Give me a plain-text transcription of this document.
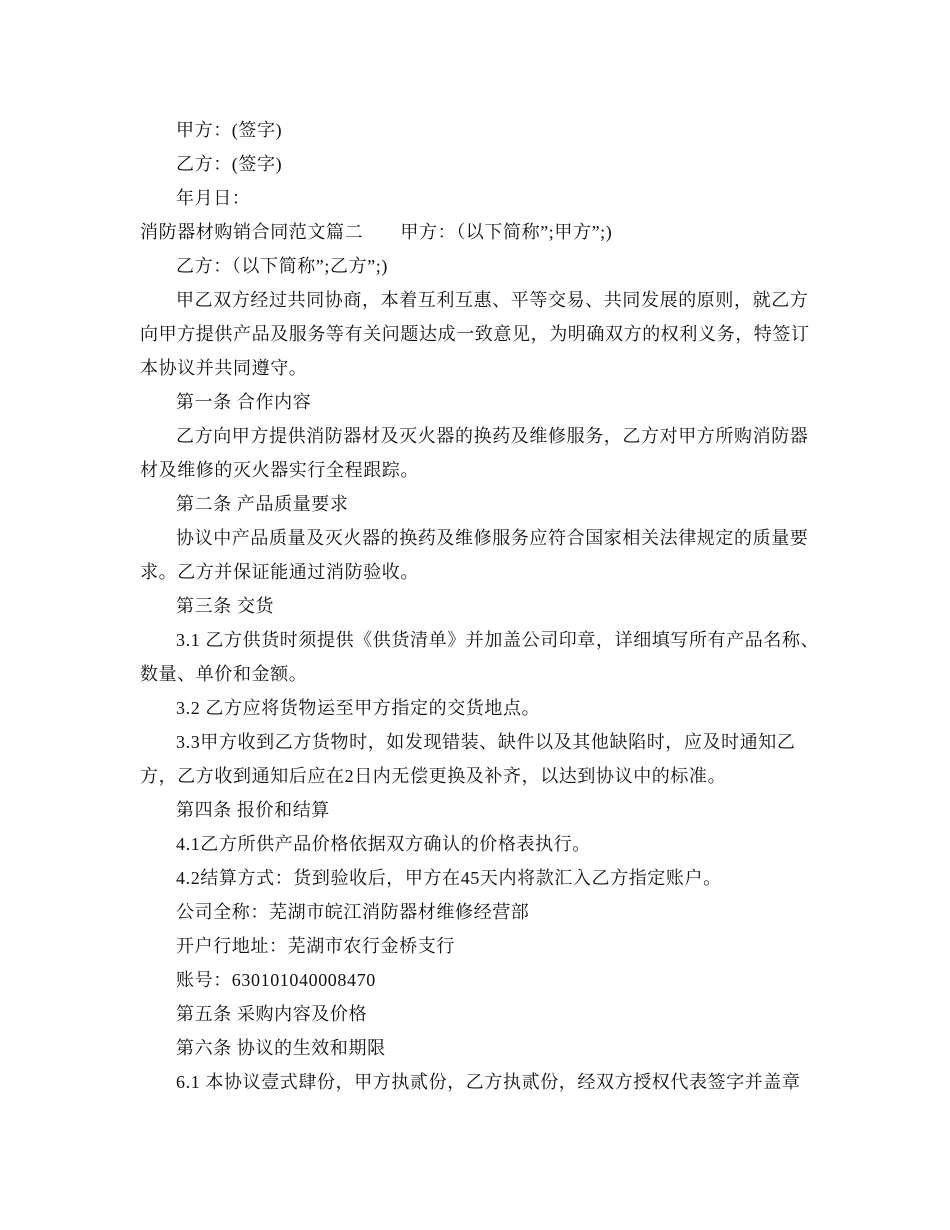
甲方：(签字)
乙方：(签字)
年月日：
消防器材购销合同范文篇二　　甲方：（以下简称”;甲方”;)
乙方：（以下简称”;乙方”;)
甲乙双方经过共同协商，本着互利互惠、平等交易、共同发展的原则，就乙方
向甲方提供产品及服务等有关问题达成一致意见，为明确双方的权利义务，特签订
本协议并共同遵守。
第一条 合作内容
乙方向甲方提供消防器材及灭火器的换药及维修服务，乙方对甲方所购消防器
材及维修的灭火器实行全程跟踪。
第二条 产品质量要求
协议中产品质量及灭火器的换药及维修服务应符合国家相关法律规定的质量要
求。乙方并保证能通过消防验收。
第三条 交货
3.1 乙方供货时须提供《供货清单》并加盖公司印章，详细填写所有产品名称、
数量、单价和金额。
3.2 乙方应将货物运至甲方指定的交货地点。
3.3甲方收到乙方货物时，如发现错装、缺件以及其他缺陷时，应及时通知乙
方，乙方收到通知后应在2日内无偿更换及补齐，以达到协议中的标准。
第四条 报价和结算
4.1乙方所供产品价格依据双方确认的价格表执行。
4.2结算方式：货到验收后，甲方在45天内将款汇入乙方指定账户。
公司全称：芜湖市皖江消防器材维修经营部
开户行地址：芜湖市农行金桥支行
账号：630101040008470
第五条 采购内容及价格
第六条 协议的生效和期限
6.1 本协议壹式肆份，甲方执贰份，乙方执贰份，经双方授权代表签字并盖章
